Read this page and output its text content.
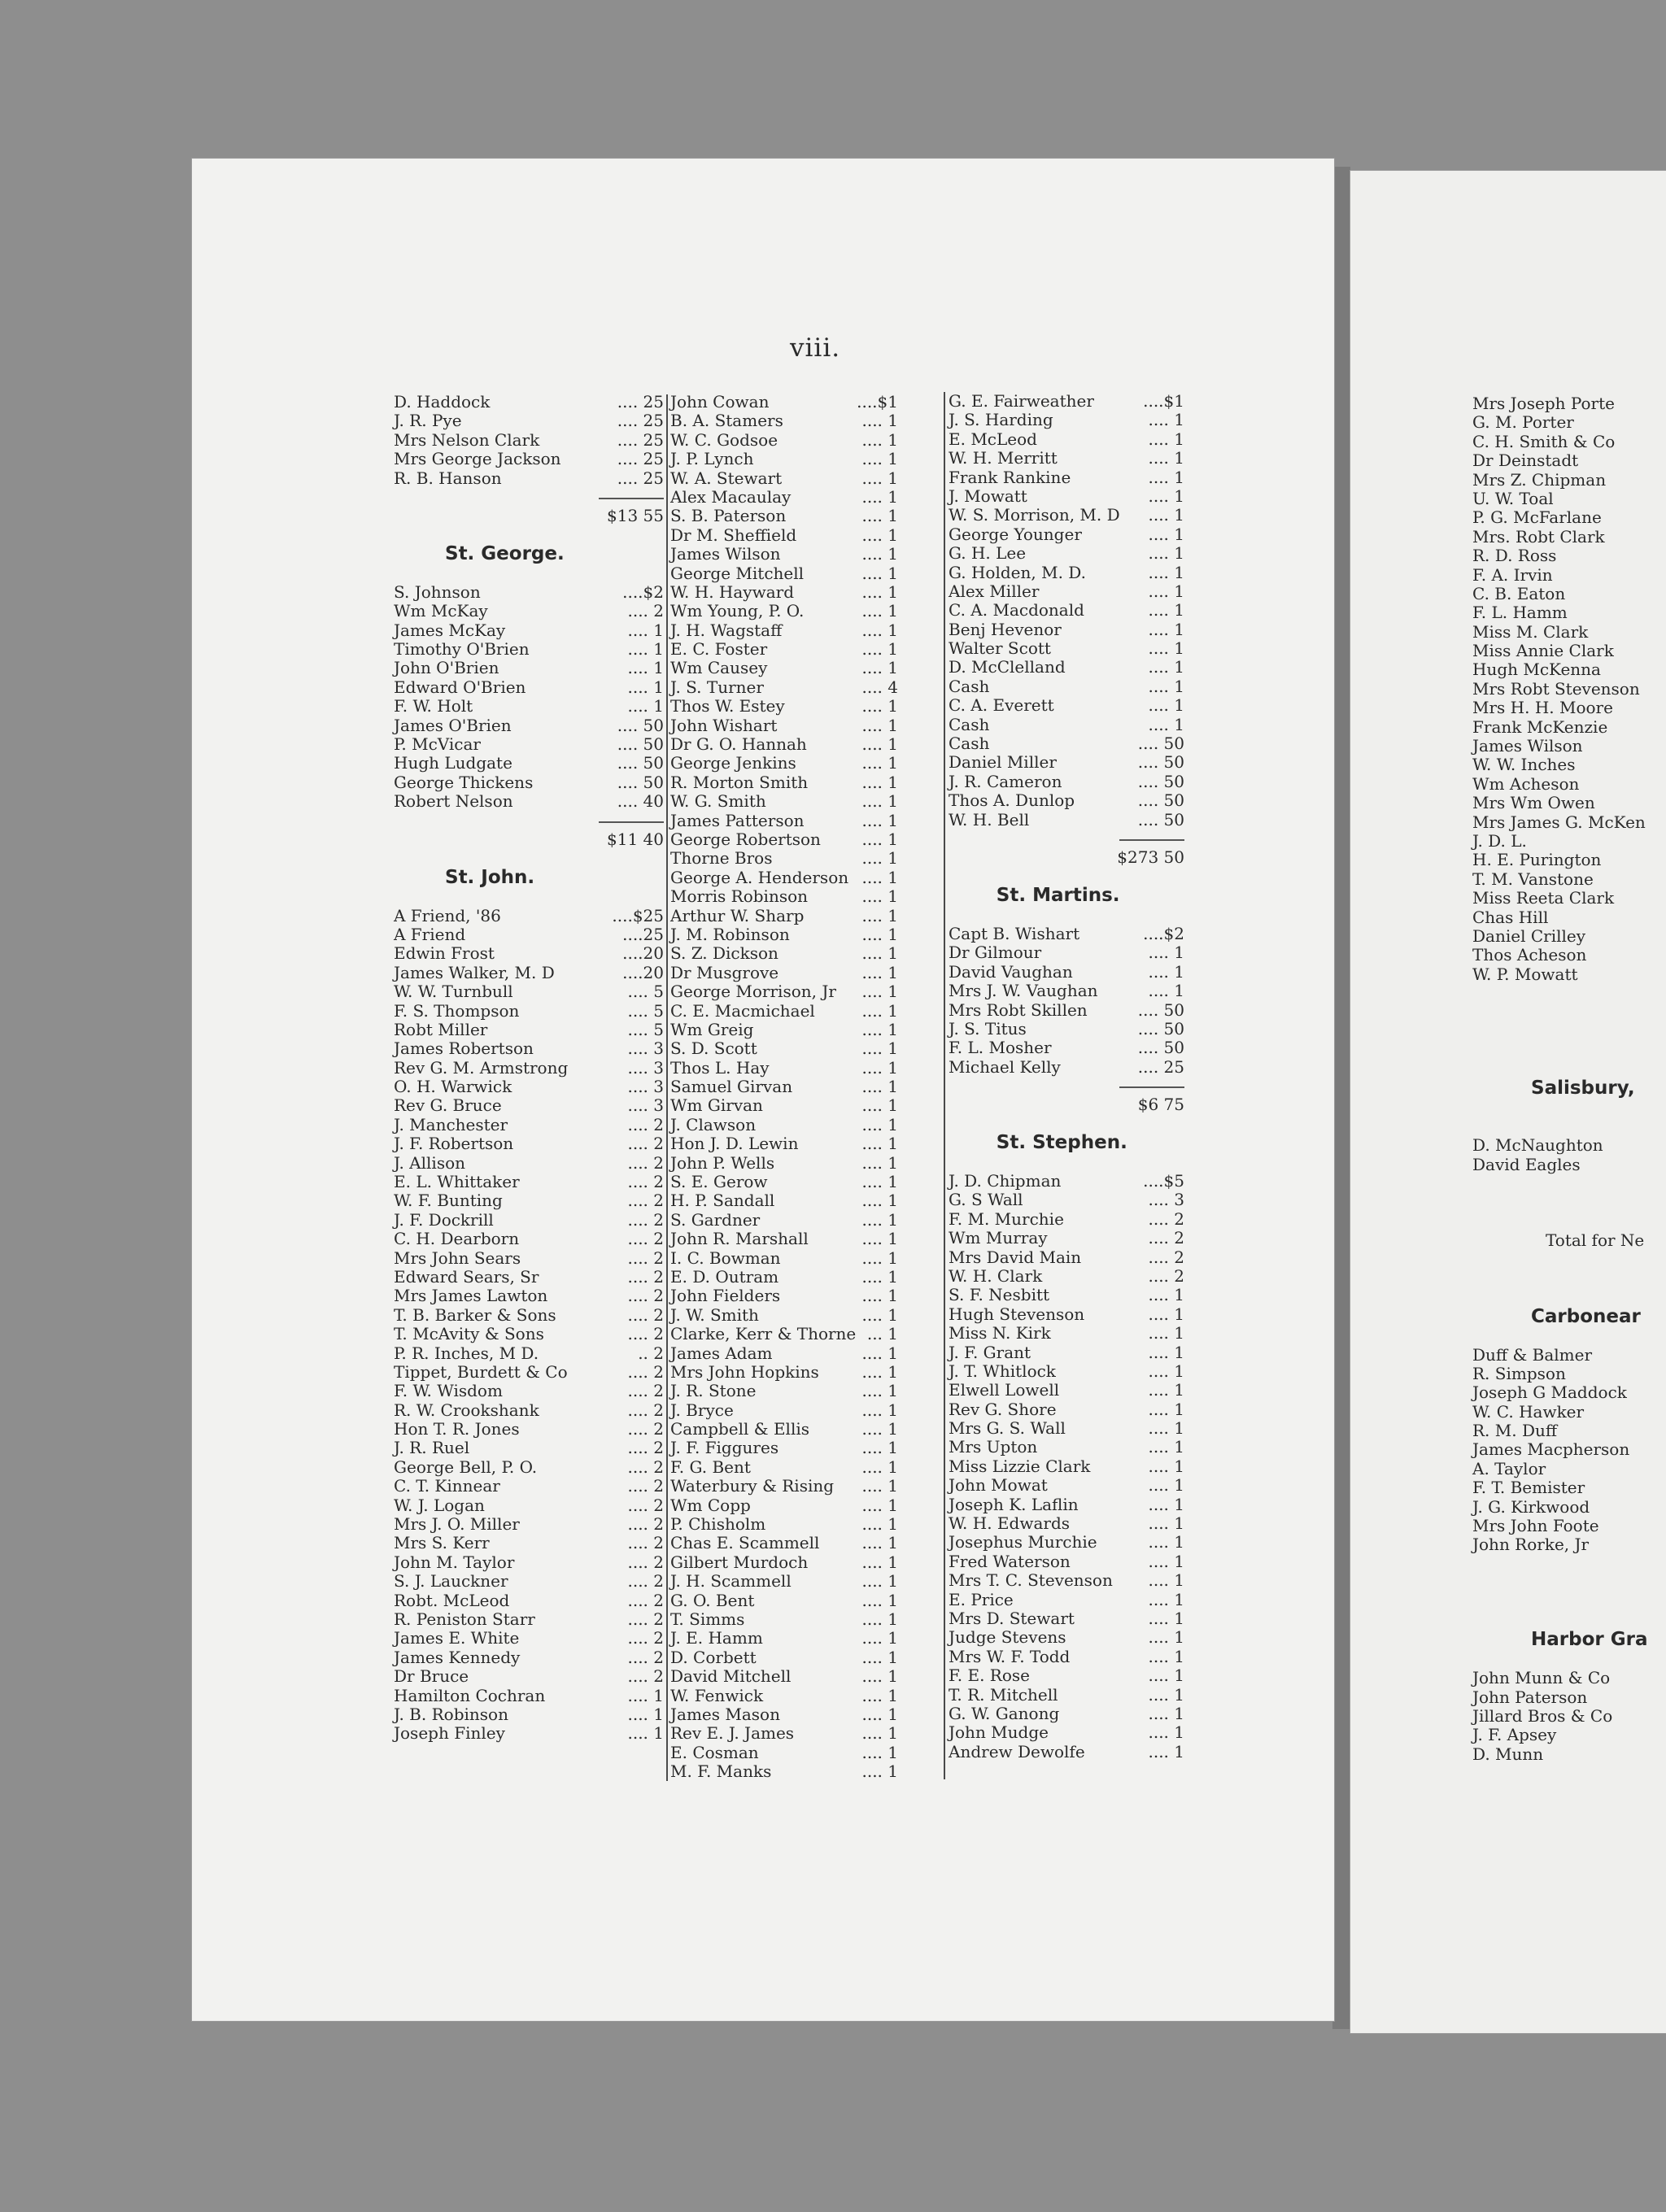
viii.
D. Haddock	.... 25
J. R. Pye	.... 25
Mrs Nelson Clark	.... 25
Mrs George Jackson	.... 25
R. B. Hanson	.... 25
$13 55
St. George.
S. Johnson	....$2
Wm McKay	.... 2
James McKay	.... 1
Timothy O'Brien	.... 1
John O'Brien	.... 1
Edward O'Brien	.... 1
F. W. Holt	.... 1
James O'Brien	.... 50
P. McVicar	.... 50
Hugh Ludgate	.... 50
George Thickens	.... 50
Robert Nelson	.... 40
$11 40
St. John.
A Friend, '86	....$25
A Friend	....25
Edwin Frost	....20
James Walker, M. D	....20
W. W. Turnbull	.... 5
F. S. Thompson	.... 5
Robt Miller	.... 5
James Robertson	.... 3
Rev G. M. Armstrong	.... 3
O. H. Warwick	.... 3
Rev G. Bruce	.... 3
J. Manchester	.... 2
J. F. Robertson	.... 2
J. Allison	.... 2
E. L. Whittaker	.... 2
W. F. Bunting	.... 2
J. F. Dockrill	.... 2
C. H. Dearborn	.... 2
Mrs John Sears	.... 2
Edward Sears, Sr	.... 2
Mrs James Lawton	.... 2
T. B. Barker & Sons	.... 2
T. McAvity & Sons	.... 2
P. R. Inches, M D.	.. 2
Tippet, Burdett & Co	.... 2
F. W. Wisdom	.... 2
R. W. Crookshank	.... 2
Hon T. R. Jones	.... 2
J. R. Ruel	.... 2
George Bell, P. O.	.... 2
C. T. Kinnear	.... 2
W. J. Logan	.... 2
Mrs J. O. Miller	.... 2
Mrs S. Kerr	.... 2
John M. Taylor	.... 2
S. J. Lauckner	.... 2
Robt. McLeod	.... 2
R. Peniston Starr	.... 2
James E. White	.... 2
James Kennedy	.... 2
Dr Bruce	.... 2
Hamilton Cochran	.... 1
J. B. Robinson	.... 1
Joseph Finley	.... 1
John Cowan	....$1
B. A. Stamers	.... 1
W. C. Godsoe	.... 1
J. P. Lynch	.... 1
W. A. Stewart	.... 1
Alex Macaulay	.... 1
S. B. Paterson	.... 1
Dr M. Sheffield	.... 1
James Wilson	.... 1
George Mitchell	.... 1
W. H. Hayward	.... 1
Wm Young, P. O.	.... 1
J. H. Wagstaff	.... 1
E. C. Foster	.... 1
Wm Causey	.... 1
J. S. Turner	.... 4
Thos W. Estey	.... 1
John Wishart	.... 1
Dr G. O. Hannah	.... 1
George Jenkins	.... 1
R. Morton Smith	.... 1
W. G. Smith	.... 1
James Patterson	.... 1
George Robertson	.... 1
Thorne Bros	.... 1
George A. Henderson .... 1
Morris Robinson	.... 1
Arthur W. Sharp	.... 1
J. M. Robinson	.... 1
S. Z. Dickson	.... 1
Dr Musgrove	.... 1
George Morrison, Jr	.... 1
C. E. Macmichael	.... 1
Wm Greig	.... 1
S. D. Scott	.... 1
Thos L. Hay	.... 1
Samuel Girvan	.... 1
Wm Girvan	.... 1
J. Clawson	.... 1
Hon J. D. Lewin	.... 1
John P. Wells	.... 1
S. E. Gerow	.... 1
H. P. Sandall	.... 1
S. Gardner	.... 1
John R. Marshall	.... 1
I. C. Bowman	.... 1
E. D. Outram	.... 1
John Fielders	.... 1
J. W. Smith	.... 1
Clarke, Kerr & Thorne ... 1
James Adam	.... 1
Mrs John Hopkins	.... 1
J. R. Stone	.... 1
J. Bryce	.... 1
Campbell & Ellis	.... 1
J. F. Figgures	.... 1
F. G. Bent	.... 1
Waterbury & Rising	.... 1
Wm Copp	.... 1
P. Chisholm	.... 1
Chas E. Scammell	.... 1
Gilbert Murdoch	.... 1
J. H. Scammell	.... 1
G. O. Bent	.... 1
T. Simms	.... 1
J. E. Hamm	.... 1
D. Corbett	.... 1
David Mitchell	.... 1
W. Fenwick	.... 1
James Mason	.... 1
Rev E. J. James	.... 1
E. Cosman	.... 1
M. F. Manks	.... 1
G. E. Fairweather	....$1
J. S. Harding	.... 1
E. McLeod	.... 1
W. H. Merritt	.... 1
Frank Rankine	.... 1
J. Mowatt	.... 1
W. S. Morrison, M. D	.... 1
George Younger	.... 1
G. H. Lee	.... 1
G. Holden, M. D.	.... 1
Alex Miller	.... 1
C. A. Macdonald	.... 1
Benj Hevenor	.... 1
Walter Scott	.... 1
D. McClelland	.... 1
Cash	.... 1
C. A. Everett	.... 1
Cash	.... 1
Cash	.... 50
Daniel Miller	.... 50
J. R. Cameron	.... 50
Thos A. Dunlop	.... 50
W. H. Bell	.... 50
$273 50
St. Martins.
Capt B. Wishart	....$2
Dr Gilmour	.... 1
David Vaughan	.... 1
Mrs J. W. Vaughan	.... 1
Mrs Robt Skillen	.... 50
J. S. Titus	.... 50
F. L. Mosher	.... 50
Michael Kelly	.... 25
$6 75
St. Stephen.
J. D. Chipman	....$5
G. S Wall	.... 3
F. M. Murchie	.... 2
Wm Murray	.... 2
Mrs David Main	.... 2
W. H. Clark	.... 2
S. F. Nesbitt	.... 1
Hugh Stevenson	.... 1
Miss N. Kirk	.... 1
J. F. Grant	.... 1
J. T. Whitlock	.... 1
Elwell Lowell	.... 1
Rev G. Shore	.... 1
Mrs G. S. Wall	.... 1
Mrs Upton	.... 1
Miss Lizzie Clark	.... 1
John Mowat	.... 1
Joseph K. Laflin	.... 1
W. H. Edwards	.... 1
Josephus Murchie	.... 1
Fred Waterson	.... 1
Mrs T. C. Stevenson	.... 1
E. Price	.... 1
Mrs D. Stewart	.... 1
Judge Stevens	.... 1
Mrs W. F. Todd	.... 1
F. E. Rose	.... 1
T. R. Mitchell	.... 1
G. W. Ganong	.... 1
John Mudge	.... 1
Andrew Dewolfe	.... 1
Mrs Joseph Porte
G. M. Porter
C. H. Smith & Co
Dr Deinstadt
Mrs Z. Chipman
U. W. Toal
P. G. McFarlane
Mrs. Robt Clark
R. D. Ross
F. A. Irvin
C. B. Eaton
F. L. Hamm
Miss M. Clark
Miss Annie Clark
Hugh McKenna
Mrs Robt Stevenson
Mrs H. H. Moore
Frank McKenzie
James Wilson
W. W. Inches
Wm Acheson
Mrs Wm Owen
Mrs James G. McKen
J. D. L.
H. E. Purington
T. M. Vanstone
Miss Reeta Clark
Chas Hill
Daniel Crilley
Thos Acheson
W. P. Mowatt
Salisbury,
D. McNaughton
David Eagles
Total for Ne
Carbonear
Duff & Balmer
R. Simpson
Joseph G Maddock
W. C. Hawker
R. M. Duff
James Macpherson
A. Taylor
F. T. Bemister
J. G. Kirkwood
Mrs John Foote
John Rorke, Jr
Harbor Gra
John Munn & Co
John Paterson
Jillard Bros & Co
J. F. Apsey
D. Munn
